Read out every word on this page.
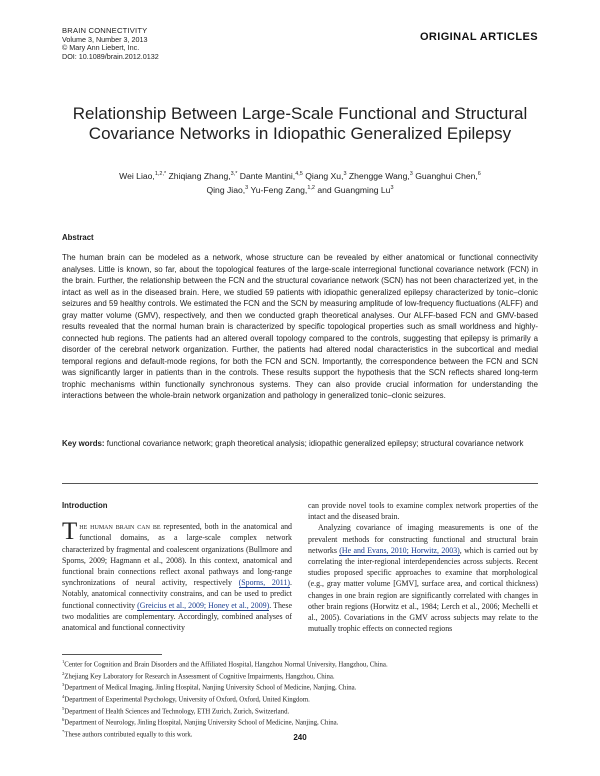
BRAIN CONNECTIVITY
Volume 3, Number 3, 2013
© Mary Ann Liebert, Inc.
DOI: 10.1089/brain.2012.0132
ORIGINAL ARTICLES
Relationship Between Large-Scale Functional and Structural
Covariance Networks in Idiopathic Generalized Epilepsy
Wei Liao,$^{1,2,*}$ Zhiqiang Zhang,$^{3,*}$ Dante Mantini,$^{4,5}$ Qiang Xu,$^3$ Zhengge Wang,$^3$ Guanghui Chen,$^6$
Qing Jiao,$^3$ Yu-Feng Zang,$^{1,2}$ and Guangming Lu$^3$
Abstract
The human brain can be modeled as a network, whose structure can be revealed by either anatomical or functional connectivity analyses. Little is known, so far, about the topological features of the large-scale interregional functional covariance network (FCN) in the brain. Further, the relationship between the FCN and the structural covariance network (SCN) has not been characterized yet, in the intact as well as in the diseased brain. Here, we studied 59 patients with idiopathic generalized epilepsy characterized by tonic–clonic seizures and 59 healthy controls. We estimated the FCN and the SCN by measuring amplitude of low-frequency fluctuations (ALFF) and gray matter volume (GMV), respectively, and then we conducted graph theoretical analyses. Our ALFF-based FCN and GMV-based results revealed that the normal human brain is characterized by specific topological properties such as small worldness and highly-connected hub regions. The patients had an altered overall topology compared to the controls, suggesting that epilepsy is primarily a disorder of the cerebral network organization. Further, the patients had altered nodal characteristics in the subcortical and medial temporal regions and default-mode regions, for both the FCN and SCN. Importantly, the correspondence between the FCN and SCN was significantly larger in patients than in the controls. These results support the hypothesis that the SCN reflects shared long-term trophic mechanisms within functionally synchronous systems. They can also provide crucial information for understanding the interactions between the whole-brain network organization and pathology in generalized tonic–clonic seizures.
Key words: functional covariance network; graph theoretical analysis; idiopathic generalized epilepsy; structural covariance network
Introduction
The human brain can be represented, both in the anatomical and functional domains, as a large-scale complex network characterized by fragmental and coalescent organizations (Bullmore and Sporns, 2009; Hagmann et al., 2008). In this context, anatomical and functional brain connections reflect axonal pathways and long-range synchronizations of neural activity, respectively (Sporns, 2011). Notably, anatomical connectivity constrains, and can be used to predict functional connectivity (Greicius et al., 2009; Honey et al., 2009). These two modalities are complementary. Accordingly, combined analyses of anatomical and functional connectivity
can provide novel tools to examine complex network properties of the intact and the diseased brain.
Analyzing covariance of imaging measurements is one of the prevalent methods for constructing functional and structural brain networks (He and Evans, 2010; Horwitz, 2003), which is carried out by correlating the inter-regional interdependencies across subjects. Recent studies proposed specific approaches to examine that morphological (e.g., gray matter volume [GMV], surface area, and cortical thickness) changes in one brain region are significantly correlated with changes in other brain regions (Horwitz et al., 1984; Lerch et al., 2006; Mechelli et al., 2005). Covariations in the GMV across subjects may relate to the mutually trophic effects on connected regions
$^1$Center for Cognition and Brain Disorders and the Affiliated Hospital, Hangzhou Normal University, Hangzhou, China.
$^2$Zhejiang Key Laboratory for Research in Assessment of Cognitive Impairments, Hangzhou, China.
$^3$Department of Medical Imaging, Jinling Hospital, Nanjing University School of Medicine, Nanjing, China.
$^4$Department of Experimental Psychology, University of Oxford, Oxford, United Kingdom.
$^5$Department of Health Sciences and Technology, ETH Zurich, Zurich, Switzerland.
$^6$Department of Neurology, Jinling Hospital, Nanjing University School of Medicine, Nanjing, China.
*These authors contributed equally to this work.	240
